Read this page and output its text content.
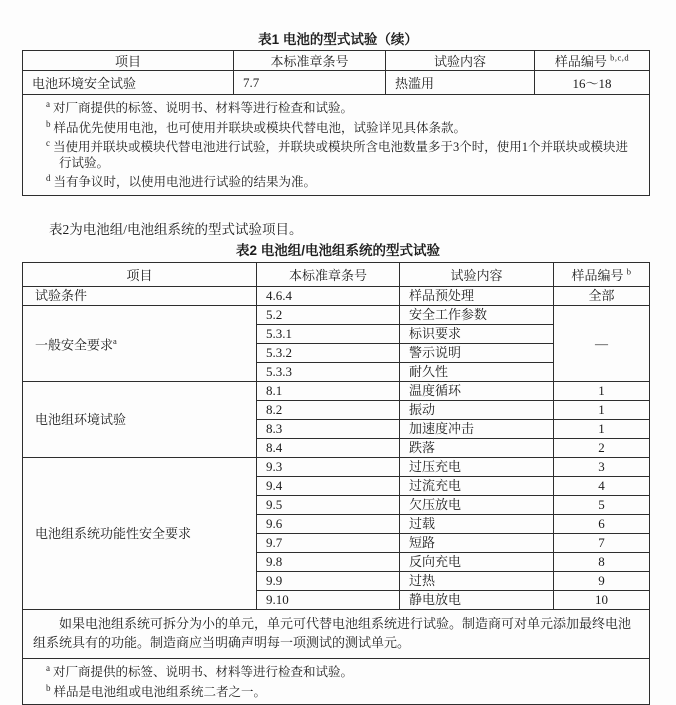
表1 电池的型式试验（续）
项目	本标准章条号	试验内容	样品编号 $^{b,c,d}$
电池环境安全试验	7.7	热滥用	16～18

$^a$ 对厂商提供的标签、说明书、材料等进行检查和试验。
$^b$ 样品优先使用电池，也可使用并联块或模块代替电池，试验详见具体条款。
$^c$ 当使用并联块或模块代替电池进行试验，并联块或模块所含电池数量多于3个时，使用1个并联块或模块进行试验。
$^d$ 当有争议时，以使用电池进行试验的结果为准。			
表2为电池组/电池组系统的型式试验项目。
表2 电池组/电池组系统的型式试验
项目	本标准章条号	试验内容	样品编号 $^b$
试验条件	4.6.4	样品预处理	全部
一般安全要求$^a$	5.2	安全工作参数	—
	5.3.1	标识要求	
	5.3.2	警示说明	
	5.3.3	耐久性	
电池组环境试验	8.1	温度循环	1
	8.2	振动	1
	8.3	加速度冲击	1
	8.4	跌落	2
电池组系统功能性安全要求	9.3	过压充电	3
	9.4	过流充电	4
	9.5	欠压放电	5
	9.6	过载	6
	9.7	短路	7
	9.8	反向充电	8
	9.9	过热	9
	9.10	静电放电	10

如果电池组系统可拆分为小的单元，单元可代替电池组系统进行试验。制造商可对单元添加最终电池组系统具有的功能。制造商应当明确声明每一项测试的测试单元。			

$^a$ 对厂商提供的标签、说明书、材料等进行检查和试验。
$^b$ 样品是电池组或电池组系统二者之一。			
